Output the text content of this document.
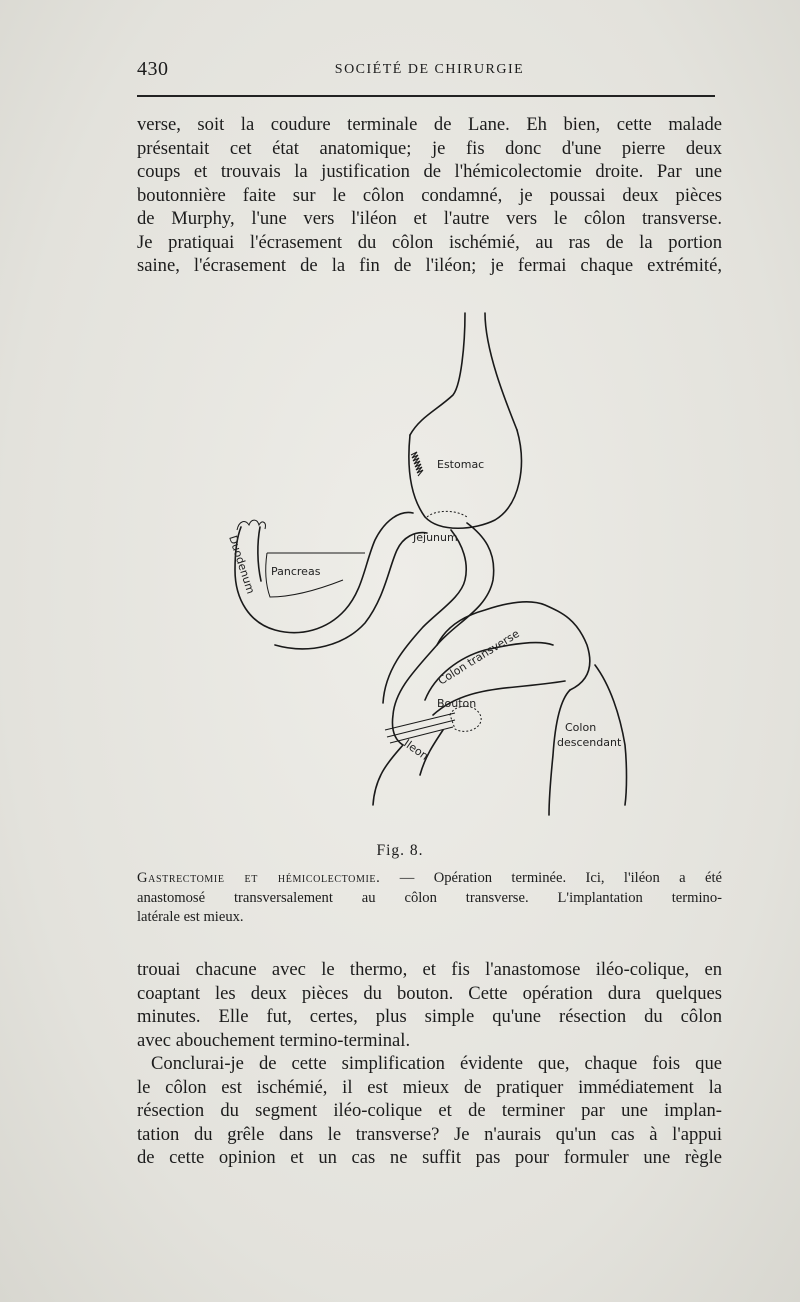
430	SOCIÉTÉ DE CHIRURGIE
verse, soit la coudure terminale de Lane. Eh bien, cette malade
présentait cet état anatomique; je fis donc d'une pierre deux
coups et trouvais la justification de l'hémicolectomie droite. Par une
boutonnière faite sur le côlon condamné, je poussai deux pièces
de Murphy, l'une vers l'iléon et l'autre vers le côlon transverse.
Je pratiquai l'écrasement du côlon ischémié, au ras de la portion
saine, l'écrasement de la fin de l'iléon; je fermai chaque extrémité,
Estomac
Jejunum
Duodenum Pancreas
Colon transverse
Bouton
Ileon
Colon
descendant
Fig. 8.
Gastrectomie et hémicolectomie. — Opération terminée. Ici, l'iléon a été
anastomosé transversalement au côlon transverse. L'implantation termino-
latérale est mieux.
trouai chacune avec le thermo, et fis l'anastomose iléo-colique, en
coaptant les deux pièces du bouton. Cette opération dura quelques
minutes. Elle fut, certes, plus simple qu'une résection du côlon
avec abouchement termino-terminal.
Conclurai-je de cette simplification évidente que, chaque fois que
le côlon est ischémié, il est mieux de pratiquer immédiatement la
résection du segment iléo-colique et de terminer par une implan-
tation du grêle dans le transverse? Je n'aurais qu'un cas à l'appui
de cette opinion et un cas ne suffit pas pour formuler une règle
